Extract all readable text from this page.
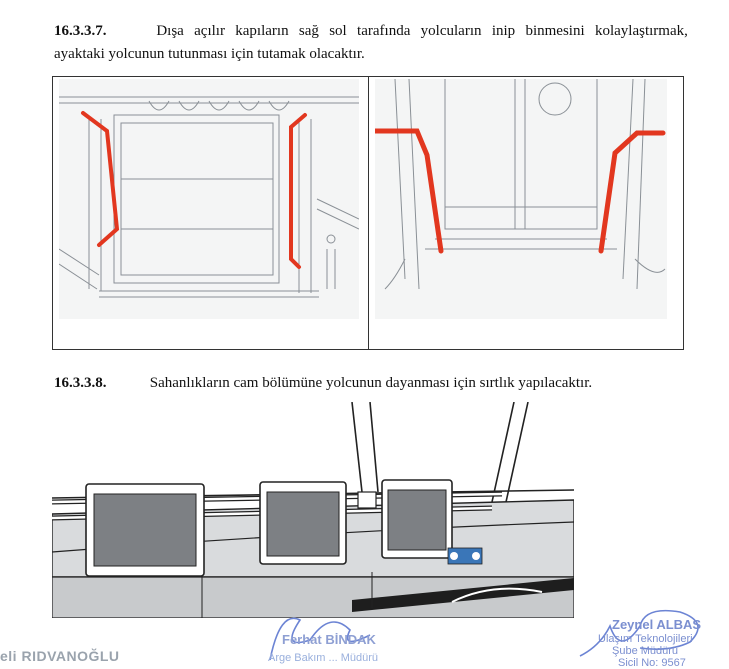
16.3.3.7.	Dışa açılır kapıların sağ sol tarafında yolcuların inip binmesini kolaylaştırmak,
ayaktaki yolcunun tutunması için tutamak olacaktır.
16.3.3.8.	Sahanlıkların cam bölümüne yolcunun dayanması için sırtlık yapılacaktır.
eli RIDVANOĞLU
Ferhat BİNDAK
Arge Bakım ... Müdürü
Zeynel ALBAS
Ulaşım Teknolojileri
Şube Müdürü
Sicil No: 9567
